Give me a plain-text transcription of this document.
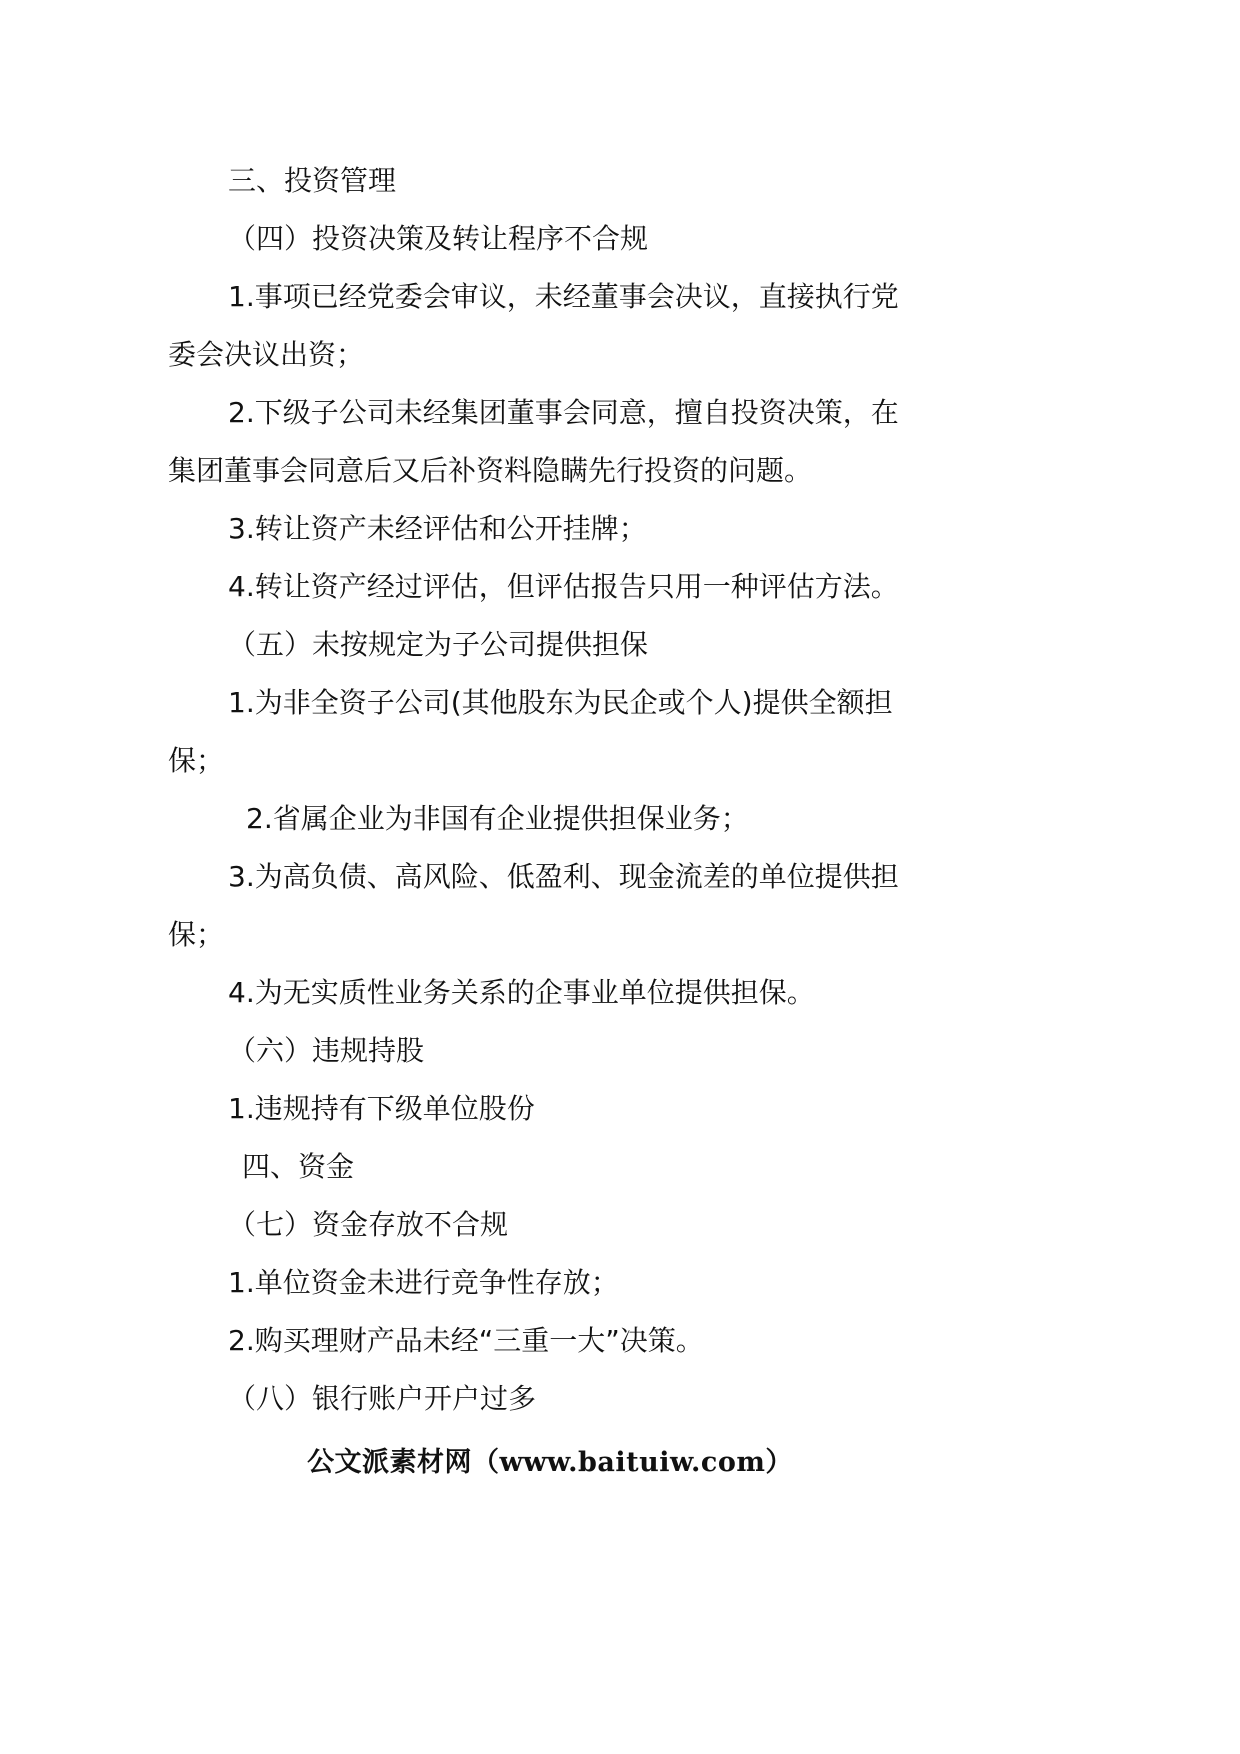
三、投资管理
（四）投资决策及转让程序不合规
1.事项已经党委会审议，未经董事会决议，直接执行党
委会决议出资；
2.下级子公司未经集团董事会同意，擅自投资决策，在
集团董事会同意后又后补资料隐瞒先行投资的问题。
3.转让资产未经评估和公开挂牌；
4.转让资产经过评估，但评估报告只用一种评估方法。
（五）未按规定为子公司提供担保
1.为非全资子公司(其他股东为民企或个人)提供全额担
保；
2.省属企业为非国有企业提供担保业务；
3.为高负债、高风险、低盈利、现金流差的单位提供担
保；
4.为无实质性业务关系的企事业单位提供担保。
（六）违规持股
1.违规持有下级单位股份
四、资金
（七）资金存放不合规
1.单位资金未进行竞争性存放；
2.购买理财产品未经“三重一大”决策。
（八）银行账户开户过多
公文派素材网（www.baituiw.com）
